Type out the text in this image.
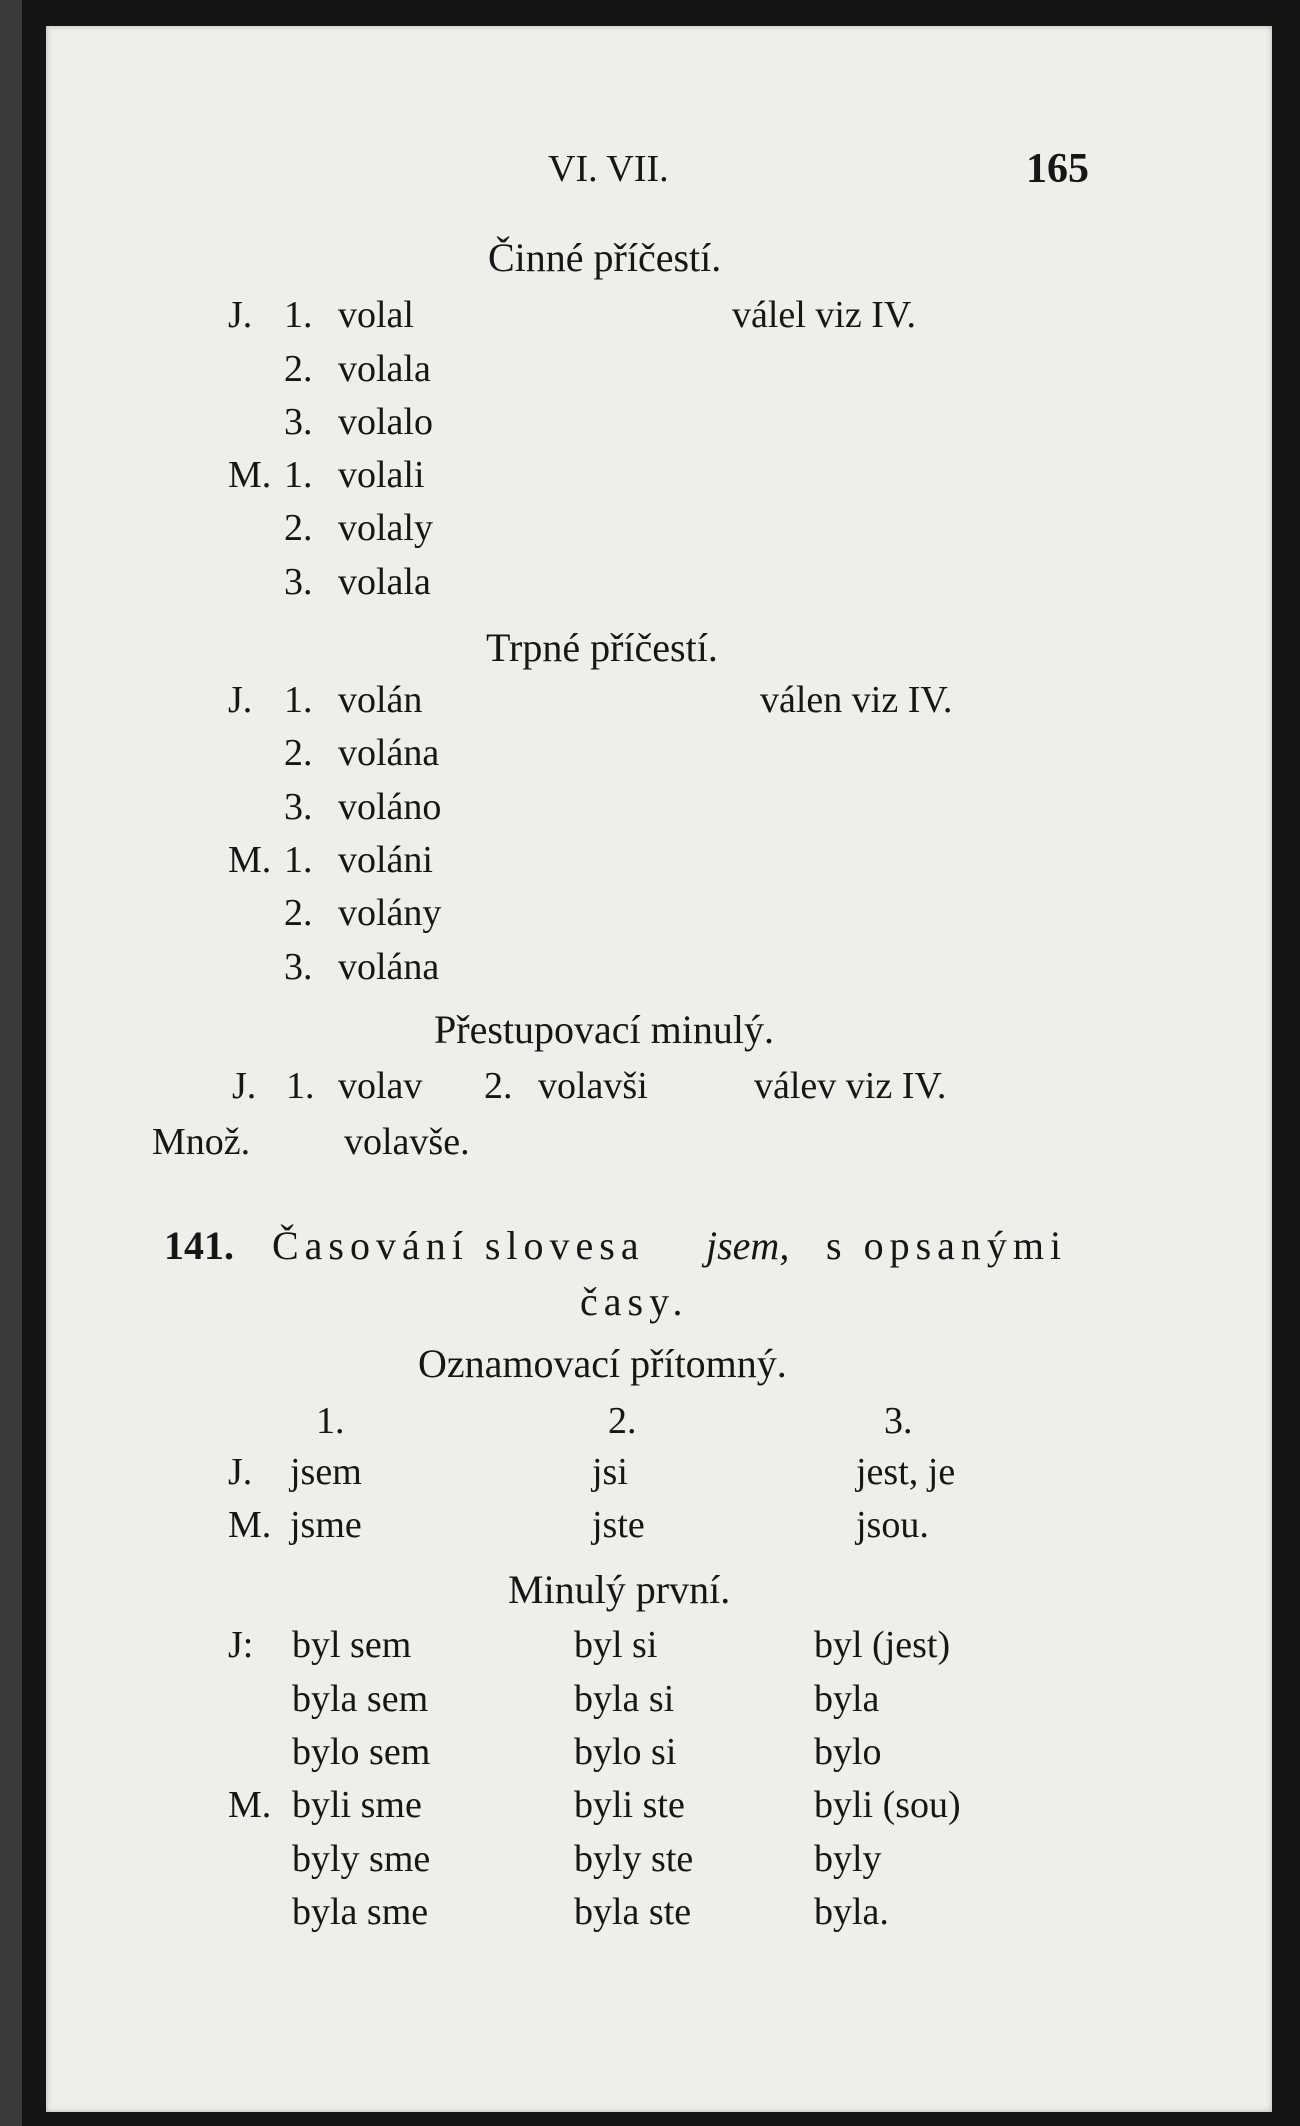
VI. VII.	165
Činné příčestí.
Trpné příčestí.
Přestupovací minulý.
J. 1. volav 2. volavši	válev viz IV.
Množ. volavše.
141. Časování slovesa jsem, s opsanými
časy.
Oznamovací přítomný.
1.	2.	3.
Minulý první.
J. 1. volal	válel viz IV.
2. volala
3. volalo
M. 1. volali
2. volaly
3. volala
J. 1. volán	válen viz IV.
2. volána
3. voláno
M. 1. voláni
2. volány
3. volána
J. jsem	jsi	jest, je
M. jsme	jste	jsou.
J: byl sem	byl si	byl (jest)
byla sem	byla si	byla
bylo sem	bylo si	bylo
M. byli sme	byli ste	byli (sou)
byly sme	byly ste	byly
byla sme	byla ste	byla.
